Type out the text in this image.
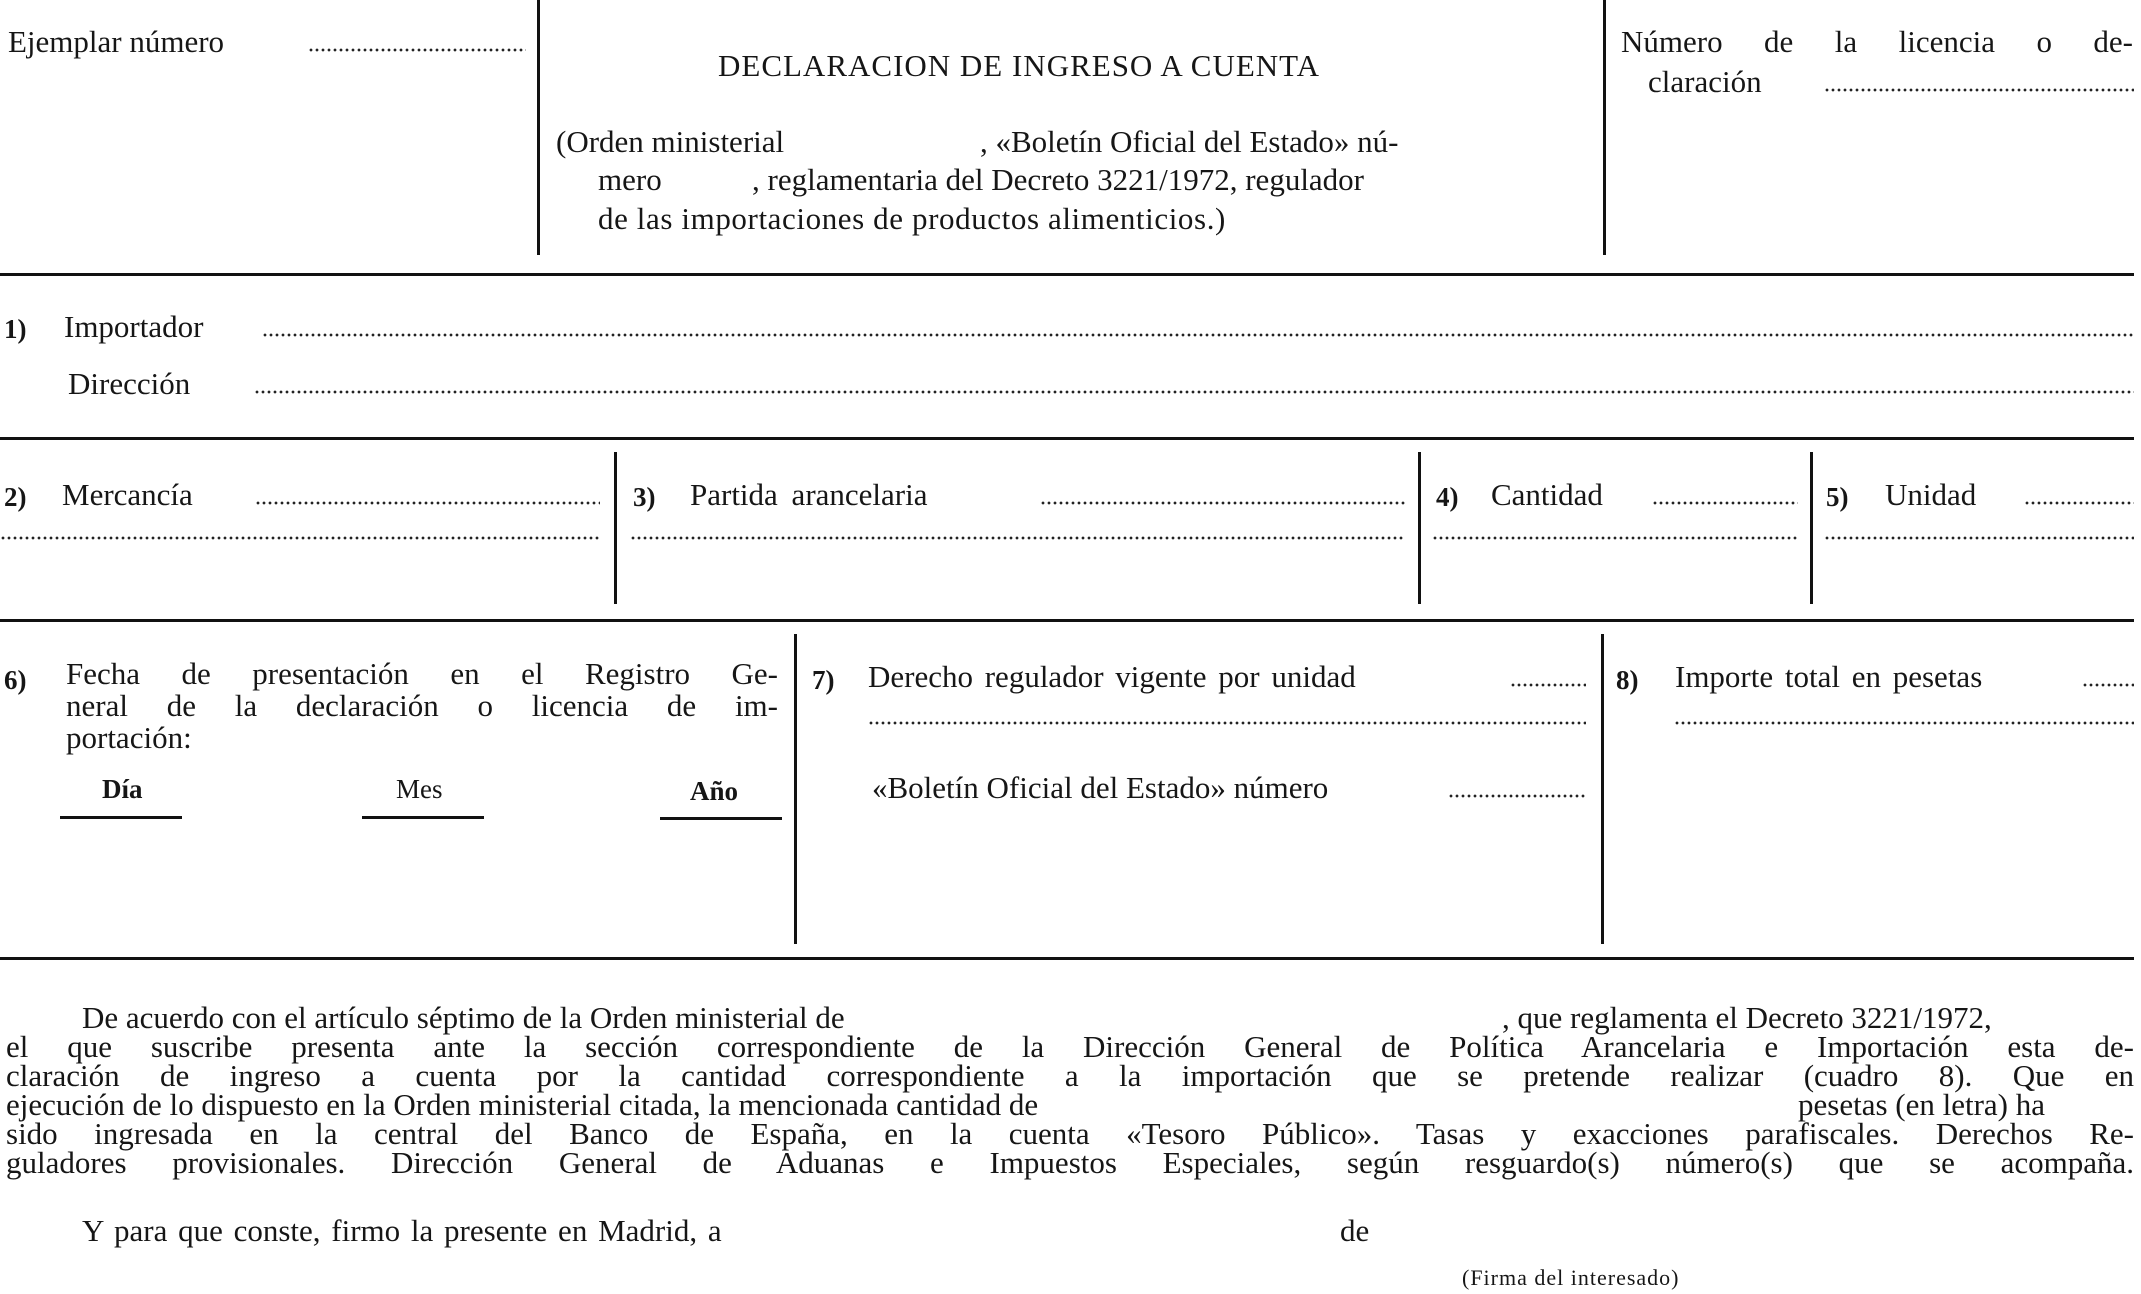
Ejemplar número
DECLARACION DE INGRESO A CUENTA
(Orden ministerial	, «Boletín Oficial del Estado» nú-
mero	, reglamentaria del Decreto 3221/1972, regulador
de las importaciones de productos alimenticios.)
Número de la licencia o de-
claración
1) Importador
Dirección
2) Mercancía	3) Partida arancelaria	4) Cantidad	5) Unidad
6) Fecha de presentación en el Registro Ge-
neral de la declaración o licencia de im-
portación:
Día	Mes	Año
7) Derecho regulador vigente por unidad
«Boletín Oficial del Estado» número
8) Importe total en pesetas
De acuerdo con el artículo séptimo de la Orden ministerial de	, que reglamenta el Decreto 3221/1972,
el que suscribe presenta ante la sección correspondiente de la Dirección General de Política Arancelaria e Importación esta de-
claración de ingreso a cuenta por la cantidad correspondiente a la importación que se pretende realizar (cuadro 8). Que en
ejecución de lo dispuesto en la Orden ministerial citada, la mencionada cantidad de	pesetas (en letra) ha
sido ingresada en la central del Banco de España, en la cuenta «Tesoro Público». Tasas y exacciones parafiscales. Derechos Re-
guladores provisionales. Dirección General de Aduanas e Impuestos Especiales, según resguardo(s) número(s) que se acompaña.
Y para que conste, firmo la presente en Madrid, a	de
(Firma del interesado)
